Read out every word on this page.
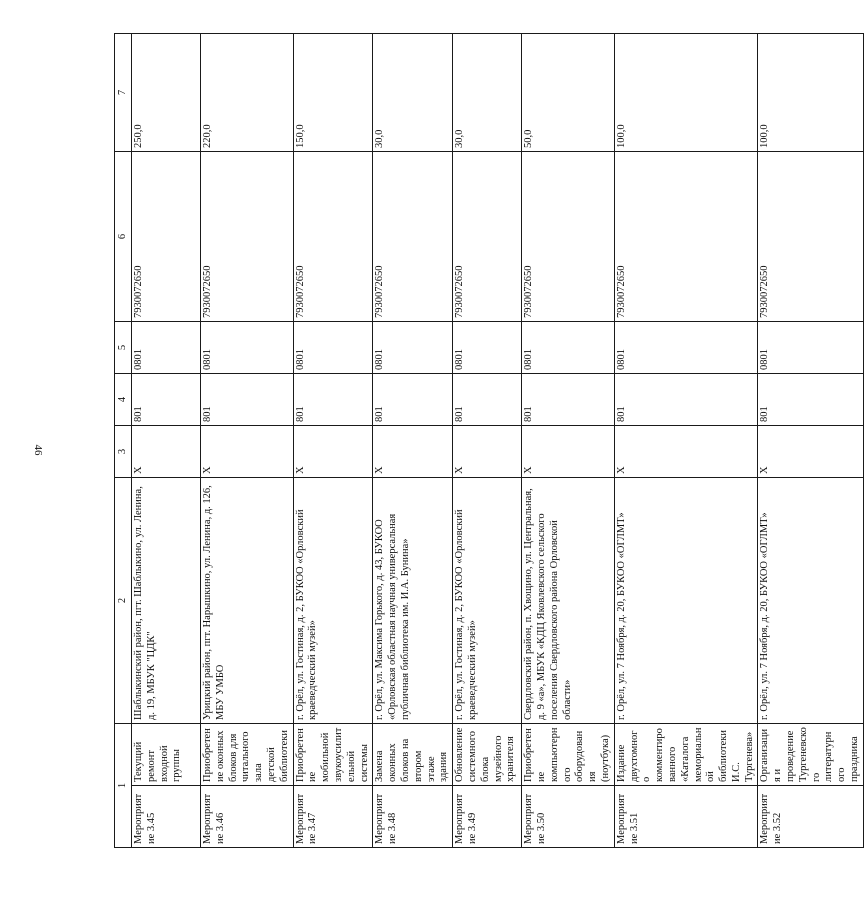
46
1		2	3	4	5	6	7
Мероприятие 3.45	Текущий ремонт входной группы	Шаблыкинский район, пгт. Шаблыкино, ул. Ленина, д. 19, МБУК "ЦДК"	X	801	0801	7930072650	250,0
Мероприятие 3.46	Приобретение оконных блоков для читального зала детской библиотеки	Урицкий район, пгт. Нарышкино, ул. Ленина, д. 126, МБУ УМБО	X	801	0801	7930072650	220,0
Мероприятие 3.47	Приобретение мобильной звукоусилительной системы	г. Орёл, ул. Гостиная, д. 2, БУКОО «Орловский краеведческий музей»	X	801	0801	7930072650	150,0
Мероприятие 3.48	Замена оконных блоков на втором этаже здания	г. Орёл, ул. Максима Горького, д. 43, БУКОО «Орловская областная научная универсальная публичная библиотека им. И.А. Бунина»	X	801	0801	7930072650	30,0
Мероприятие 3.49	Обновление системного блока музейного хранителя	г. Орёл, ул. Гостиная, д. 2, БУКОО «Орловский краеведческий музей»	X	801	0801	7930072650	30,0
Мероприятие 3.50	Приобретение компьютерного оборудования (ноутбука)	Свердловский район, п. Хвощино, ул. Центральная, д. 9 «а», МБУК «КДЦ Яковлевского сельского поселения Свердловского района Орловской области»	X	801	0801	7930072650	50,0
Мероприятие 3.51	Издание двухтомного комментированного «Каталога мемориальной библиотеки И.С. Тургенева»	г. Орёл, ул. 7 Ноября, д. 20, БУКОО «ОГЛМТ»	X	801	0801	7930072650	100,0
Мероприятие 3.52	Организация и проведение Тургеневского литературного праздника	г. Орёл, ул. 7 Ноября, д. 20, БУКОО «ОГЛМТ»	X	801	0801	7930072650	100,0
